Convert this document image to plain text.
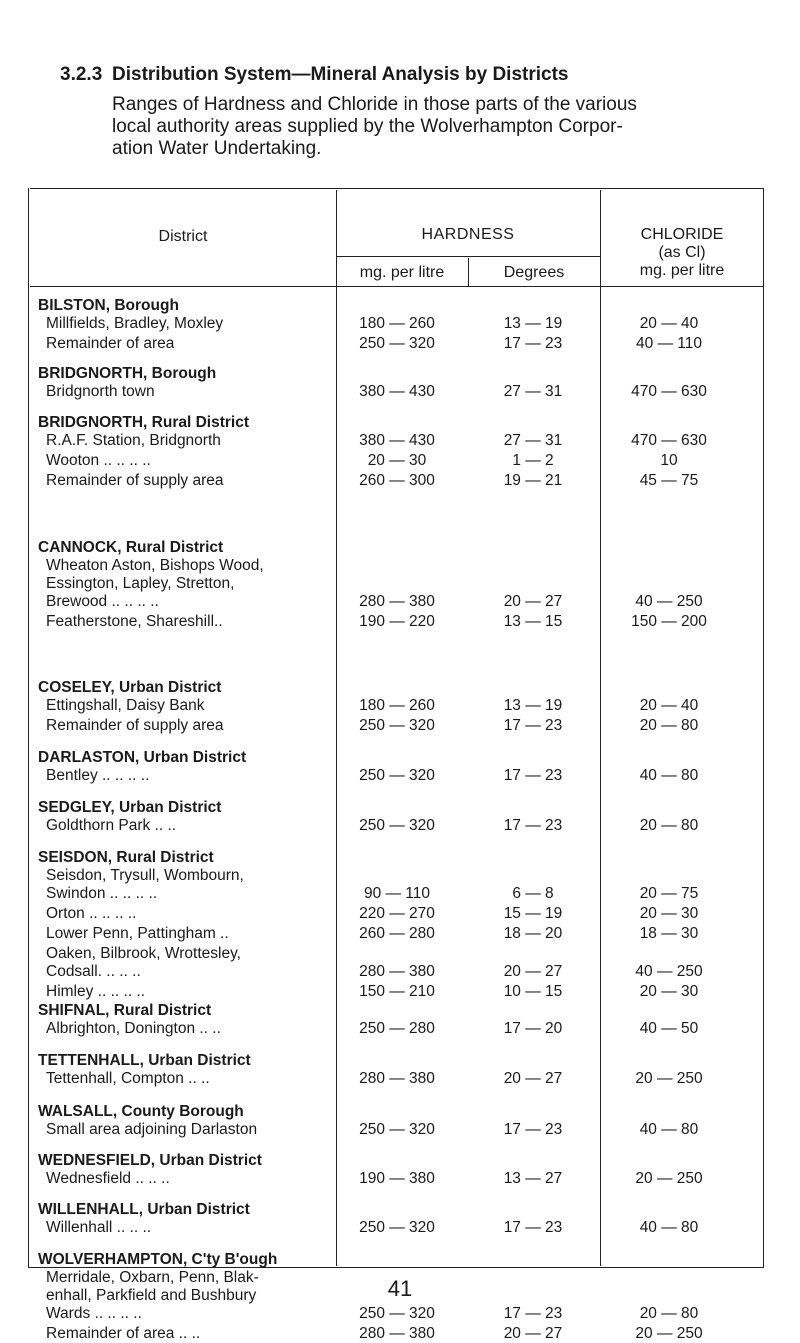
3.2.3 Distribution System—Mineral Analysis by Districts
Ranges of Hardness and Chloride in those parts of the various
local authority areas supplied by the Wolverhampton Corpor-
ation Water Undertaking.
District	HARDNESS
mg. per litre	Degrees
CHLORIDE
(as Cl)
mg. per litre
BILSTON, Borough
Millfields, Bradley, Moxley	180 — 260	13 — 19	20 — 40
Remainder of area	250 — 320	17 — 23	40 — 110
BRIDGNORTH, Borough
Bridgnorth town	380 — 430	27 — 31	470 — 630
BRIDGNORTH, Rural District
R.A.F. Station, Bridgnorth	380 — 430	27 — 31	470 — 630
Wooton .. .. .. ..	20 — 30	1 — 2	10
Remainder of supply area	260 — 300	19 — 21	45 — 75
CANNOCK, Rural District
Wheaton Aston, Bishops Wood,
Essington, Lapley, Stretton,
Brewood .. .. .. ..	280 — 380	20 — 27	40 — 250
Featherstone, Shareshill..	190 — 220	13 — 15	150 — 200
COSELEY, Urban District
Ettingshall, Daisy Bank	180 — 260	13 — 19	20 — 40
Remainder of supply area	250 — 320	17 — 23	20 — 80
DARLASTON, Urban District
Bentley .. .. .. ..	250 — 320	17 — 23	40 — 80
SEDGLEY, Urban District
Goldthorn Park .. ..	250 — 320	17 — 23	20 — 80
SEISDON, Rural District
Seisdon, Trysull, Wombourn,
Swindon .. .. .. ..	90 — 110	6 — 8	20 — 75
Orton .. .. .. ..	220 — 270	15 — 19	20 — 30
Lower Penn, Pattingham ..	260 — 280	18 — 20	18 — 30
Oaken, Bilbrook, Wrottesley,
Codsall. .. .. ..	280 — 380	20 — 27	40 — 250
Himley .. .. .. ..	150 — 210	10 — 15	20 — 30
SHIFNAL, Rural District
Albrighton, Donington .. ..	250 — 280	17 — 20	40 — 50
TETTENHALL, Urban District
Tettenhall, Compton .. ..	280 — 380	20 — 27	20 — 250
WALSALL, County Borough
Small area adjoining Darlaston	250 — 320	17 — 23	40 — 80
WEDNESFIELD, Urban District
Wednesfield .. .. ..	190 — 380	13 — 27	20 — 250
WILLENHALL, Urban District
Willenhall .. .. ..	250 — 320	17 — 23	40 — 80
WOLVERHAMPTON, C'ty B'ough
Merridale, Oxbarn, Penn, Blak-
enhall, Parkfield and Bushbury
Wards .. .. .. ..	250 — 320	17 — 23	20 — 80
Remainder of area .. ..	280 — 380	20 — 27	20 — 250
41
